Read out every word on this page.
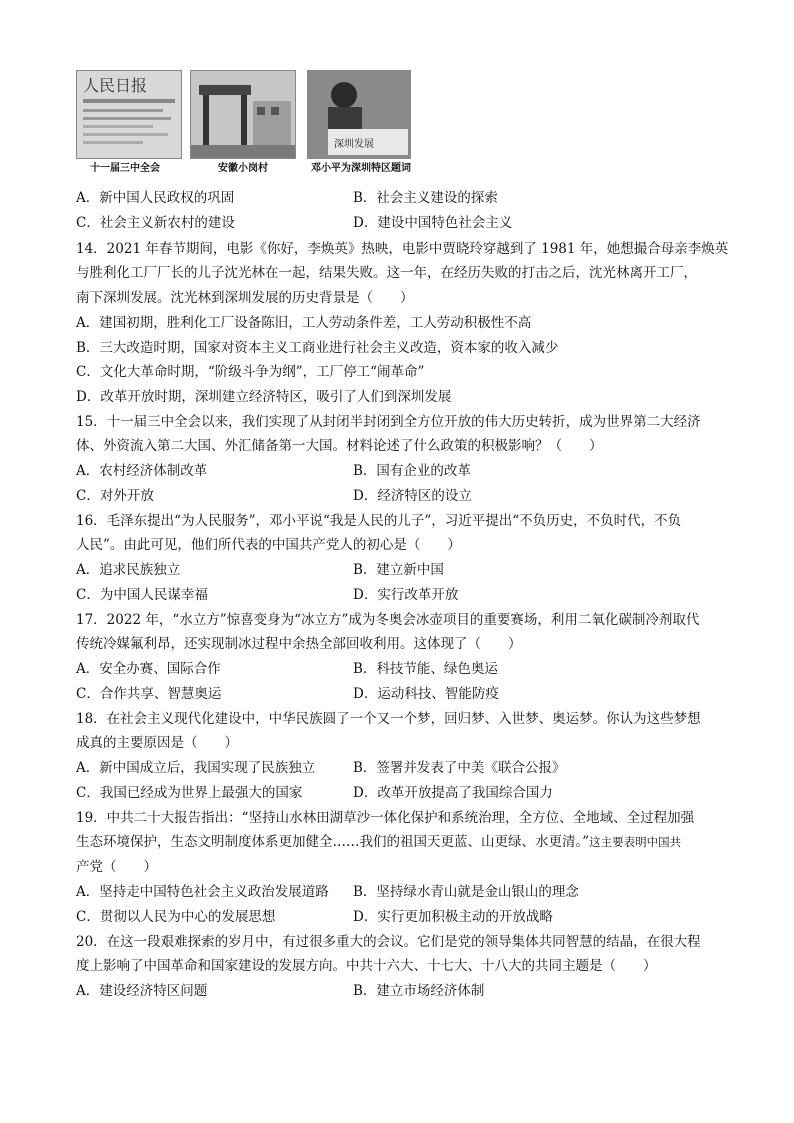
人民日报
十一届三中全会	安徽小岗村
深圳发展
邓小平为深圳特区题词
A．新中国人民政权的巩固	B．社会主义建设的探索
C．社会主义新农村的建设	D．建设中国特色社会主义
14．2021 年春节期间，电影《你好，李焕英》热映，电影中贾晓玲穿越到了 1981 年，她想撮合母亲李焕英
与胜利化工厂厂长的儿子沈光林在一起，结果失败。这一年，在经历失败的打击之后，沈光林离开工厂，
南下深圳发展。沈光林到深圳发展的历史背景是（　　）
A．建国初期，胜利化工厂设备陈旧，工人劳动条件差，工人劳动积极性不高
B．三大改造时期，国家对资本主义工商业进行社会主义改造，资本家的收入减少
C．文化大革命时期，“阶级斗争为纲”，工厂停工“闹革命”
D．改革开放时期，深圳建立经济特区，吸引了人们到深圳发展
15．十一届三中全会以来，我们实现了从封闭半封闭到全方位开放的伟大历史转折，成为世界第二大经济
体、外资流入第二大国、外汇储备第一大国。材料论述了什么政策的积极影响？（　　）
A．农村经济体制改革	B．国有企业的改革
C．对外开放	D．经济特区的设立
16．毛泽东提出“为人民服务”，邓小平说“我是人民的儿子”，习近平提出“不负历史，不负时代，不负
人民”。由此可见，他们所代表的中国共产党人的初心是（　　）
A．追求民族独立	B．建立新中国
C．为中国人民谋幸福	D．实行改革开放
17．2022 年，“水立方”惊喜变身为“冰立方”成为冬奥会冰壶项目的重要赛场，利用二氧化碳制冷剂取代
传统冷媒氟利昂，还实现制冰过程中余热全部回收利用。这体现了（　　）
A．安全办赛、国际合作	B．科技节能、绿色奥运
C．合作共享、智慧奥运	D．运动科技、智能防疫
18．在社会主义现代化建设中，中华民族圆了一个又一个梦，回归梦、入世梦、奥运梦。你认为这些梦想
成真的主要原因是（　　）
A．新中国成立后，我国实现了民族独立	B．签署并发表了中美《联合公报》
C．我国已经成为世界上最强大的国家	D．改革开放提高了我国综合国力
19．中共二十大报告指出：“坚持山水林田湖草沙一体化保护和系统治理，全方位、全地域、全过程加强
生态环境保护，生态文明制度体系更加健全……我们的祖国天更蓝、山更绿、水更清。”这主要表明中国共
产党（　　）
A．坚持走中国特色社会主义政治发展道路 B．坚持绿水青山就是金山银山的理念
C．贯彻以人民为中心的发展思想	D．实行更加积极主动的开放战略
20．在这一段艰难探索的岁月中，有过很多重大的会议。它们是党的领导集体共同智慧的结晶，在很大程
度上影响了中国革命和国家建设的发展方向。中共十六大、十七大、十八大的共同主题是（　　）
A．建设经济特区问题	B．建立市场经济体制
